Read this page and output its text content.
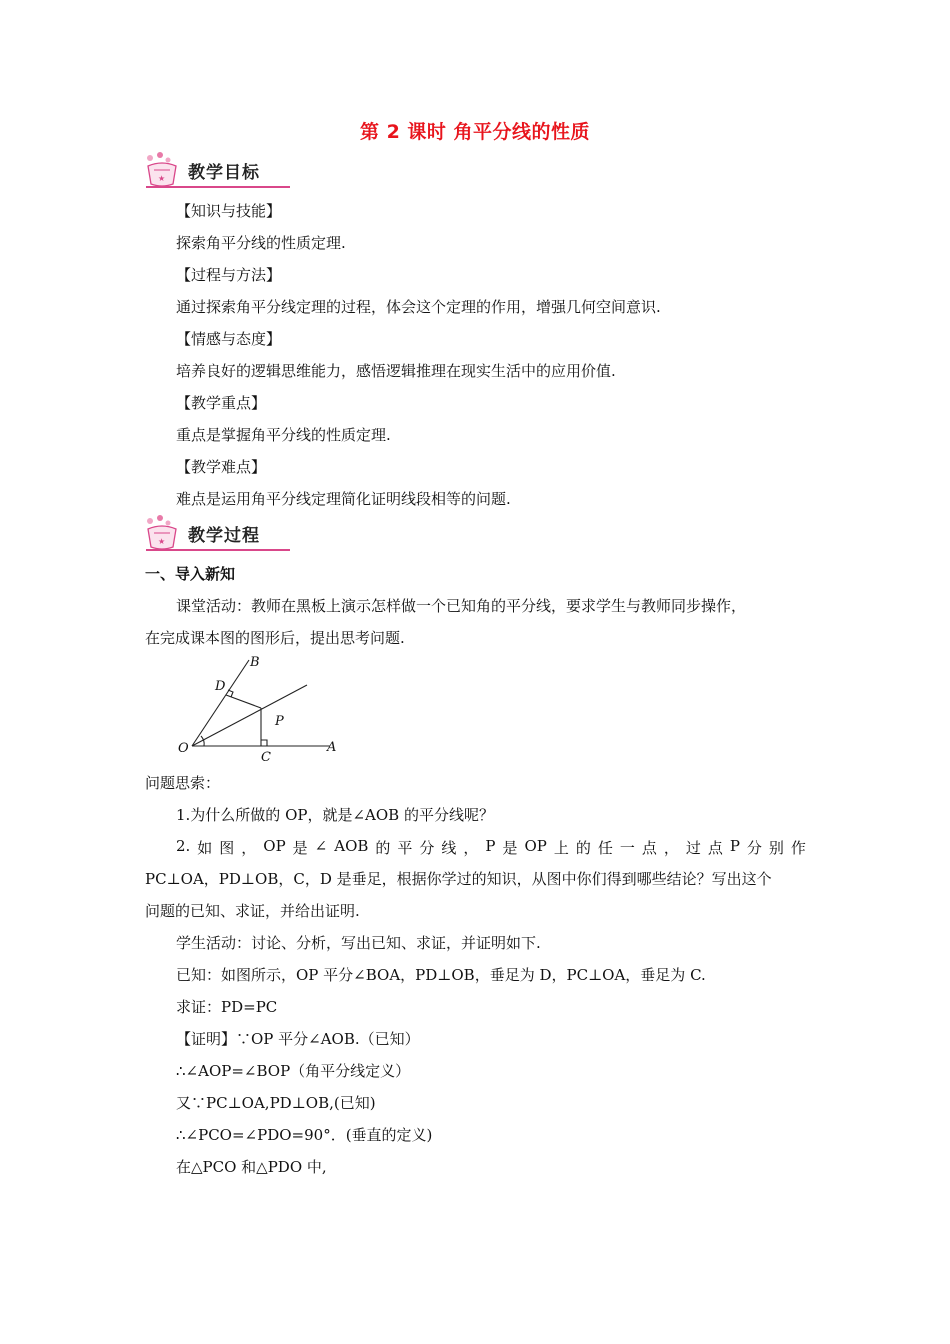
第 2 课时 角平分线的性质
★ 教学目标
【知识与技能】
探索角平分线的性质定理.
【过程与方法】
通过探索角平分线定理的过程，体会这个定理的作用，增强几何空间意识.
【情感与态度】
培养良好的逻辑思维能力，感悟逻辑推理在现实生活中的应用价值.
【教学重点】
重点是掌握角平分线的性质定理.
【教学难点】
难点是运用角平分线定理简化证明线段相等的问题.
★ 教学过程
一、导入新知
课堂活动：教师在黑板上演示怎样做一个已知角的平分线，要求学生与教师同步操作，
在完成课本图的图形后，提出思考问题.
B
D
P
O
C
A
问题思索：
1.为什么所做的 OP，就是∠AOB 的平分线呢？
2. 如 图 ， OP 是 ∠ AOB 的 平 分 线 ， P 是 OP 上 的 任 一 点 ， 过 点 P 分 别 作
PC⊥OA，PD⊥OB，C，D 是垂足，根据你学过的知识，从图中你们得到哪些结论？写出这个
问题的已知、求证，并给出证明.
学生活动：讨论、分析，写出已知、求证，并证明如下.
已知：如图所示，OP 平分∠BOA，PD⊥OB，垂足为 D，PC⊥OA，垂足为 C.
求证：PD=PC
【证明】∵OP 平分∠AOB.（已知）
∴∠AOP=∠BOP（角平分线定义）
又∵PC⊥OA,PD⊥OB,(已知)
∴∠PCO=∠PDO=90°．(垂直的定义)
在△PCO 和△PDO 中,
